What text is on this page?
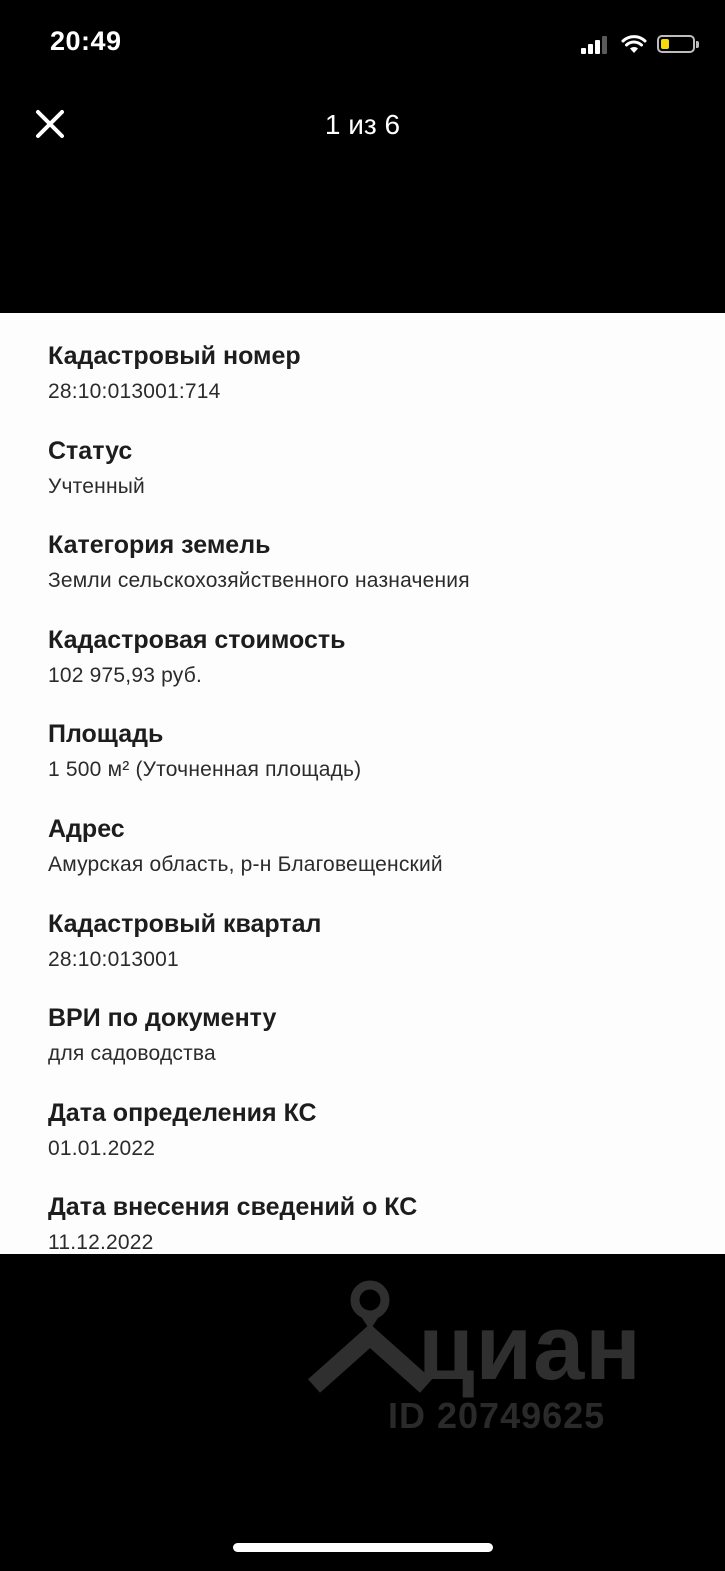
20:49
1 из 6
Кадастровый номер
28:10:013001:714
Статус
Учтенный
Категория земель
Земли сельскохозяйственного назначения
Кадастровая стоимость
102 975,93 руб.
Площадь
1 500 м² (Уточненная площадь)
Адрес
Амурская область, р-н Благовещенский
Кадастровый квартал
28:10:013001
ВРИ по документу
для садоводства
Дата определения КС
01.01.2022
Дата внесения сведений о КС
11.12.2022
циан
ID 20749625
